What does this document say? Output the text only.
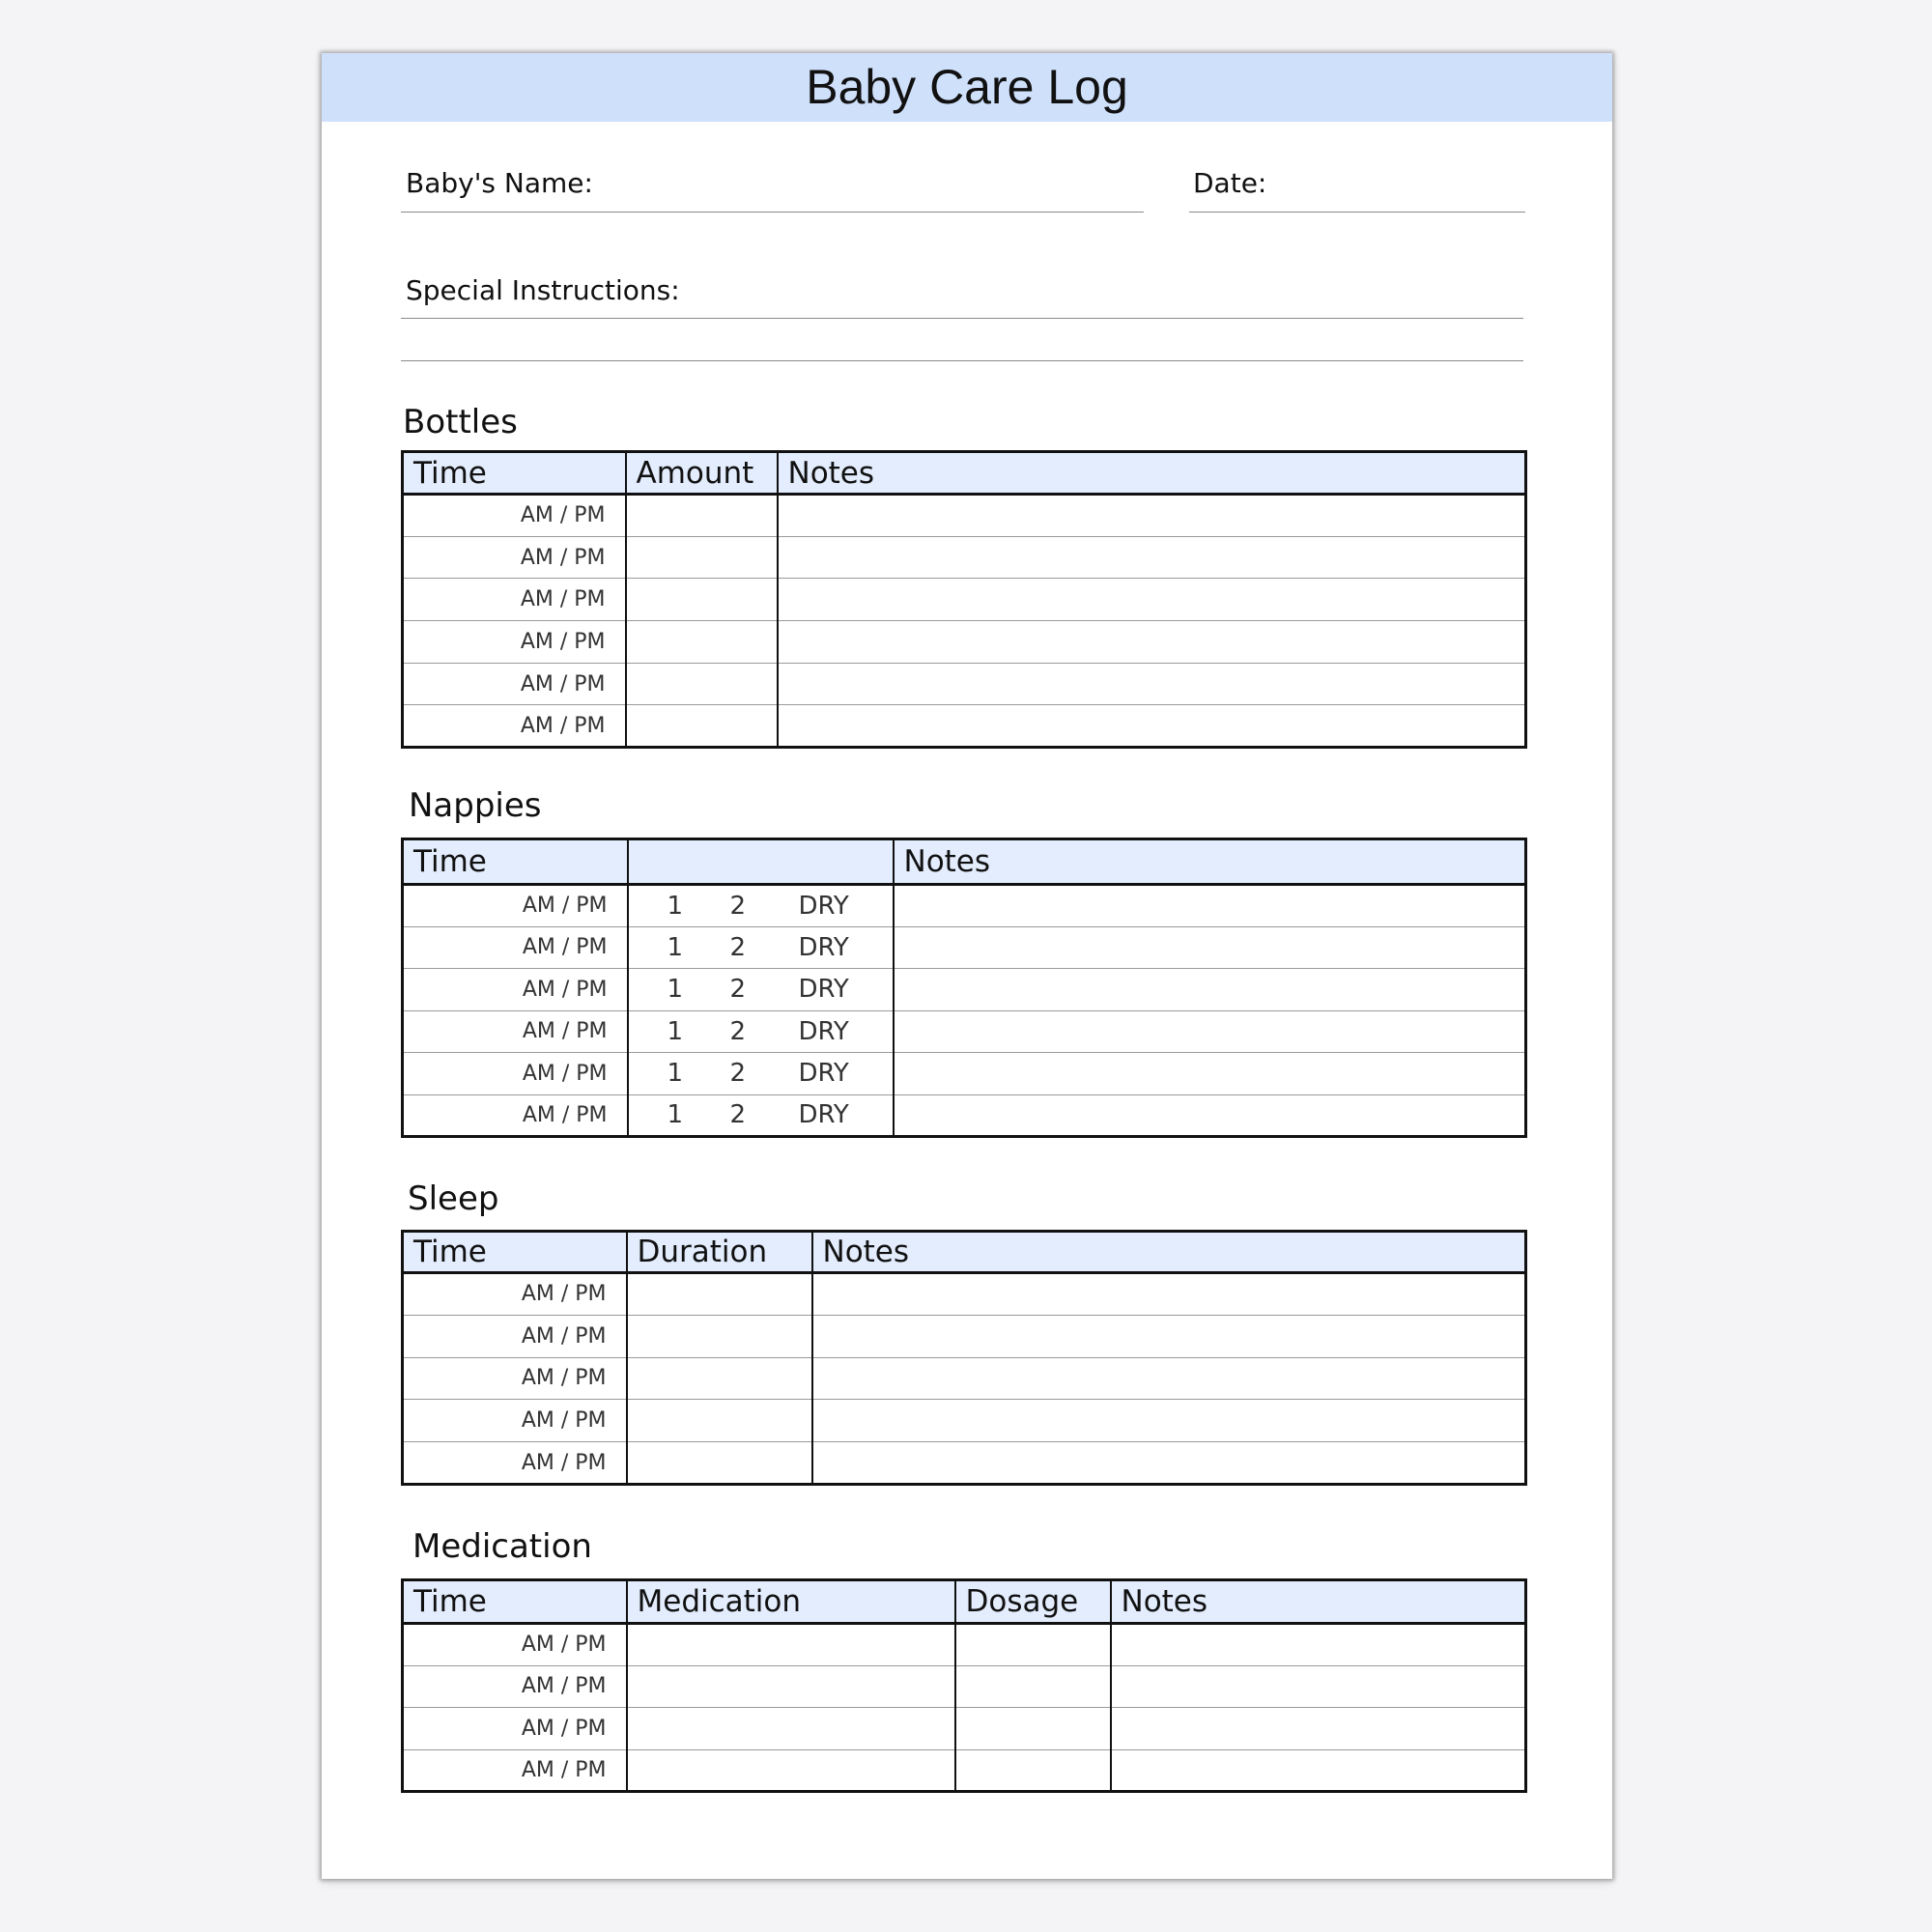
Baby Care Log
Baby's Name:	Date:
Special Instructions:
Bottles
Time	Amount	Notes
AM / PM		
AM / PM		
AM / PM		
AM / PM		
AM / PM		
AM / PM		
Nappies
Time		Notes
AM / PM	1 2 DRY	

AM / PM	1 2 DRY	

AM / PM	1 2 DRY	

AM / PM	1 2 DRY	

AM / PM	1 2 DRY	

AM / PM	1 2 DRY	

Sleep
Time	Duration	Notes
AM / PM		
AM / PM		
AM / PM		
AM / PM		
AM / PM		
Medication
Time	Medication	Dosage	Notes
AM / PM			
AM / PM			
AM / PM			
AM / PM			
